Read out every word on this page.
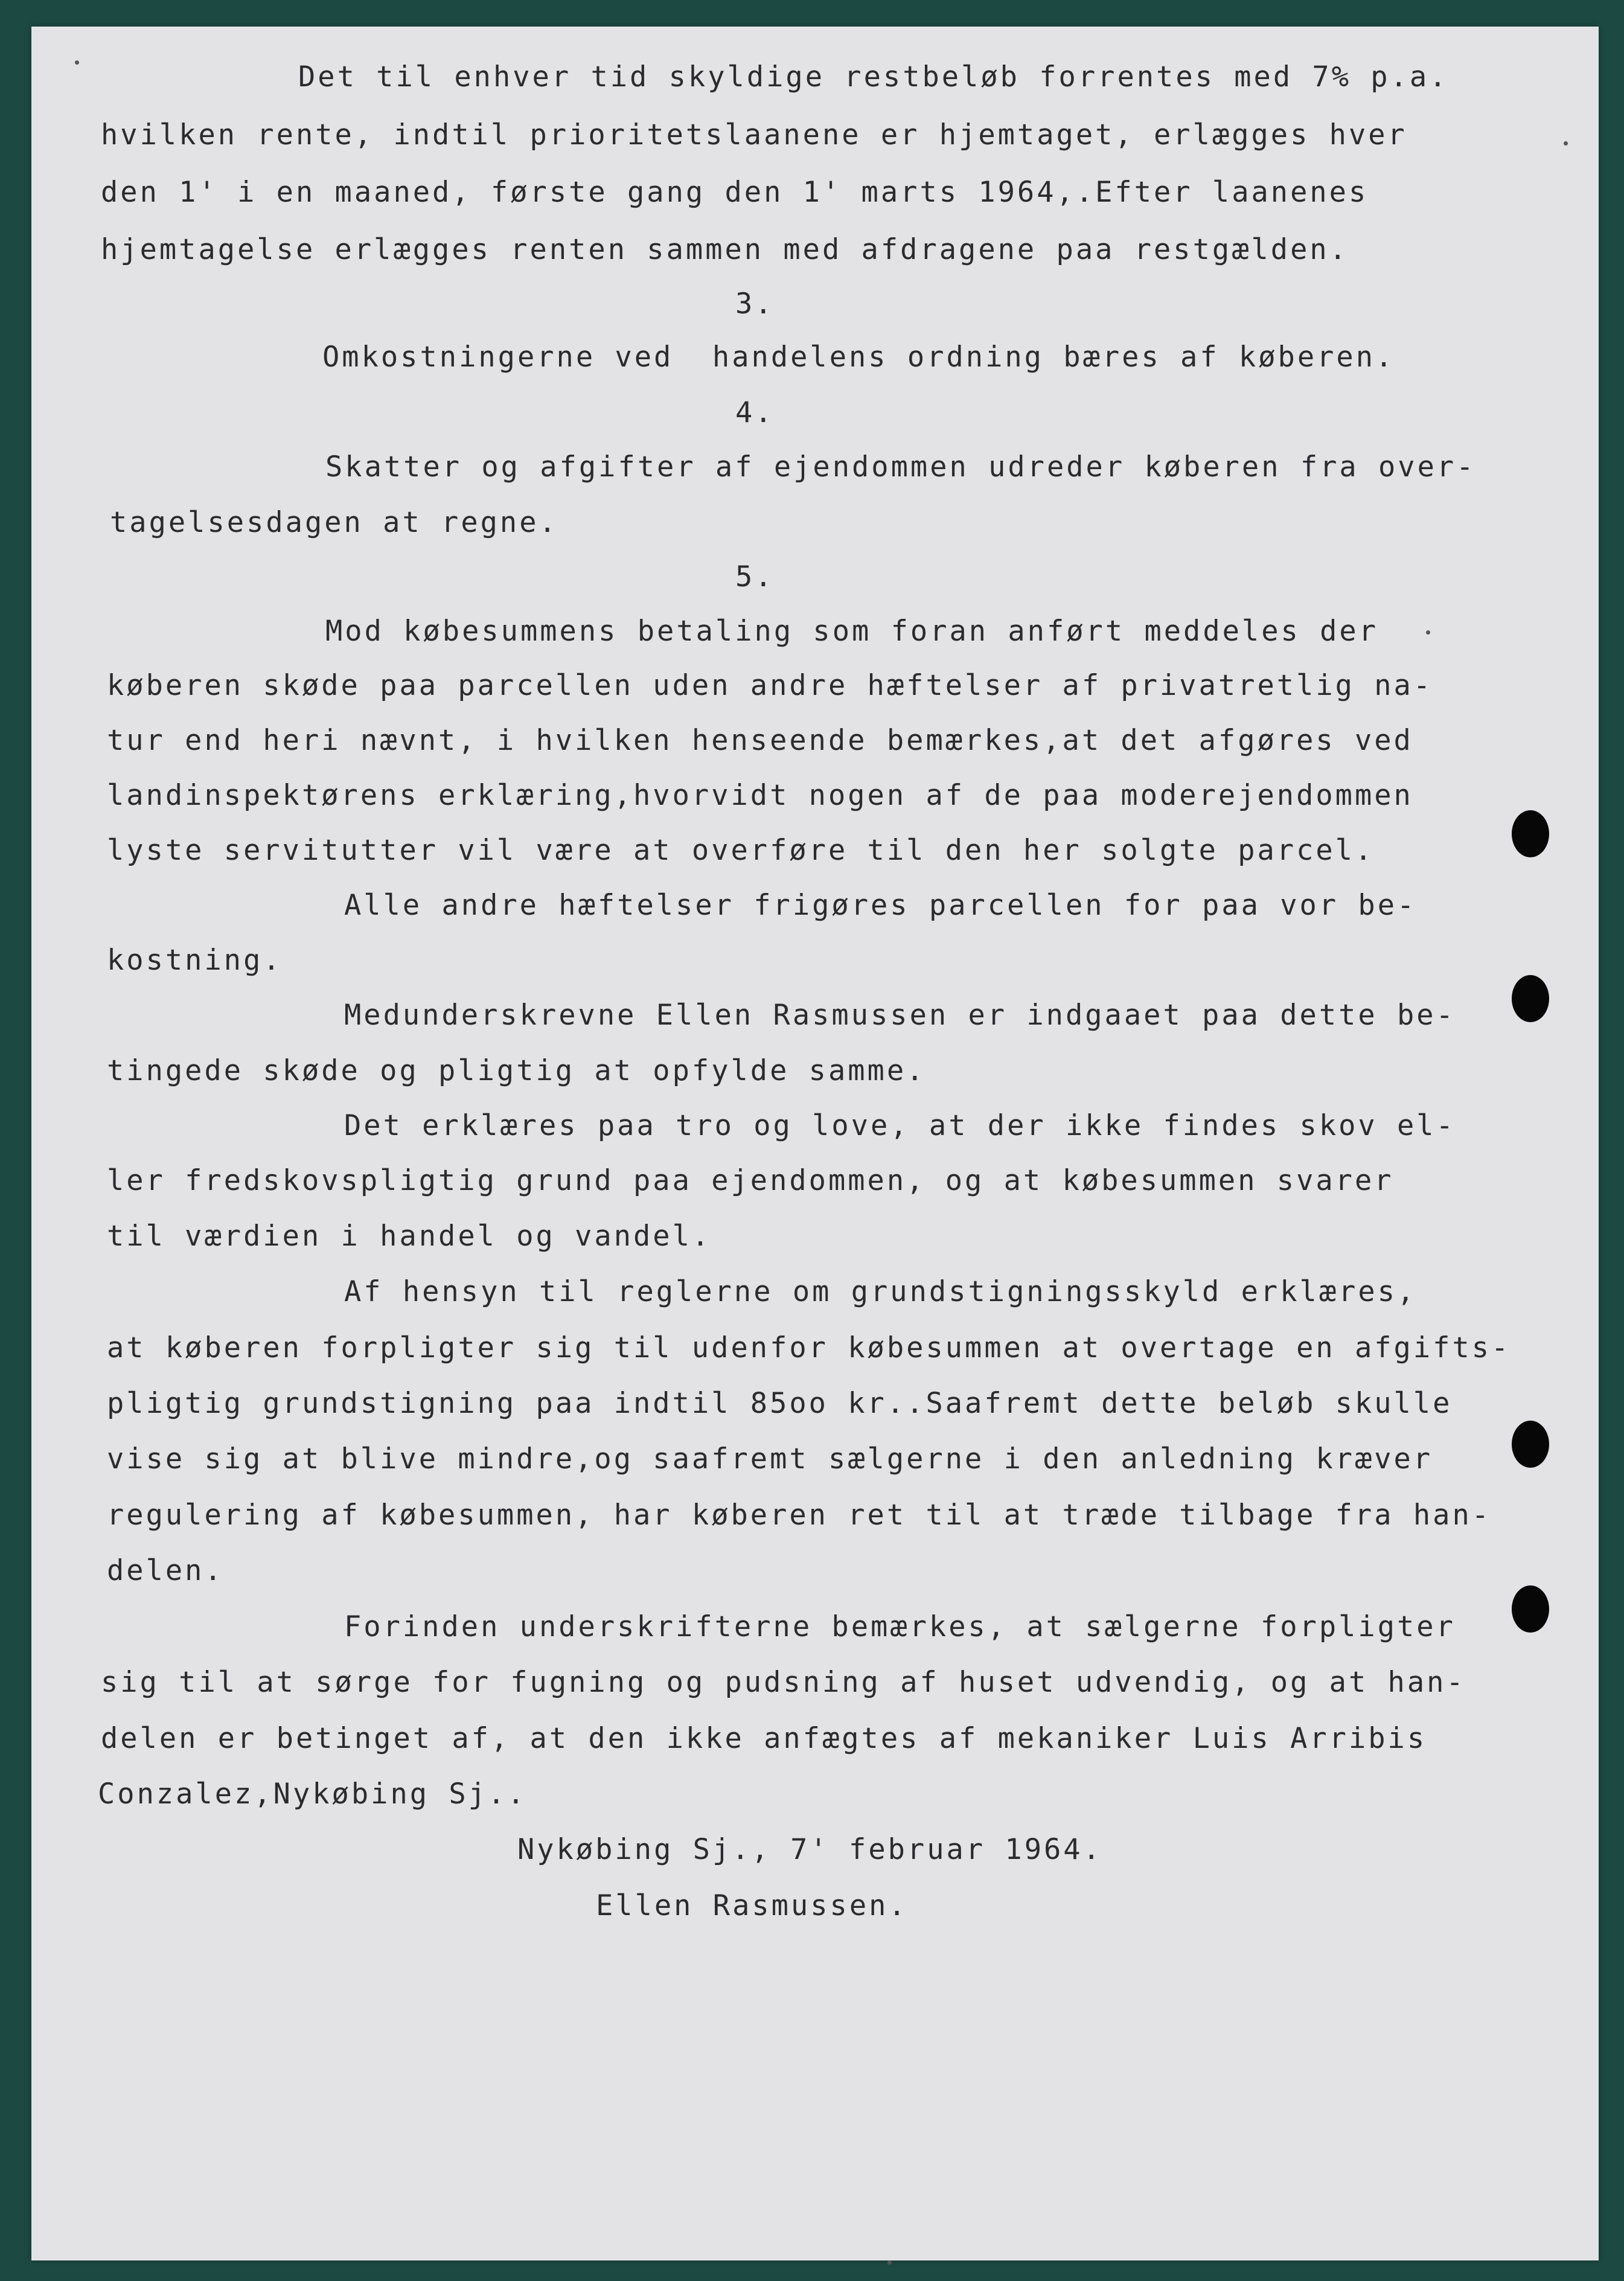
Det til enhver tid skyldige restbeløb forrentes med 7% p.a.
hvilken rente, indtil prioritetslaanene er hjemtaget, erlægges hver
den 1' i en maaned, første gang den 1' marts 1964,.Efter laanenes
hjemtagelse erlægges renten sammen med afdragene paa restgælden.
3.
Omkostningerne ved  handelens ordning bæres af køberen.
4.
Skatter og afgifter af ejendommen udreder køberen fra over-
tagelsesdagen at regne.
5.
Mod købesummens betaling som foran anført meddeles der
køberen skøde paa parcellen uden andre hæftelser af privatretlig na-
tur end heri nævnt, i hvilken henseende bemærkes,at det afgøres ved
landinspektørens erklæring,hvorvidt nogen af de paa moderejendommen
lyste servitutter vil være at overføre til den her solgte parcel.
Alle andre hæftelser frigøres parcellen for paa vor be-
kostning.
Medunderskrevne Ellen Rasmussen er indgaaet paa dette be-
tingede skøde og pligtig at opfylde samme.
Det erklæres paa tro og love, at der ikke findes skov el-
ler fredskovspligtig grund paa ejendommen, og at købesummen svarer
til værdien i handel og vandel.
Af hensyn til reglerne om grundstigningsskyld erklæres,
at køberen forpligter sig til udenfor købesummen at overtage en afgifts-
pligtig grundstigning paa indtil 85oo kr..Saafremt dette beløb skulle
vise sig at blive mindre,og saafremt sælgerne i den anledning kræver
regulering af købesummen, har køberen ret til at træde tilbage fra han-
delen.
Forinden underskrifterne bemærkes, at sælgerne forpligter
sig til at sørge for fugning og pudsning af huset udvendig, og at han-
delen er betinget af, at den ikke anfægtes af mekaniker Luis Arribis
Conzalez,Nykøbing Sj..
Nykøbing Sj., 7' februar 1964.
Ellen Rasmussen.
